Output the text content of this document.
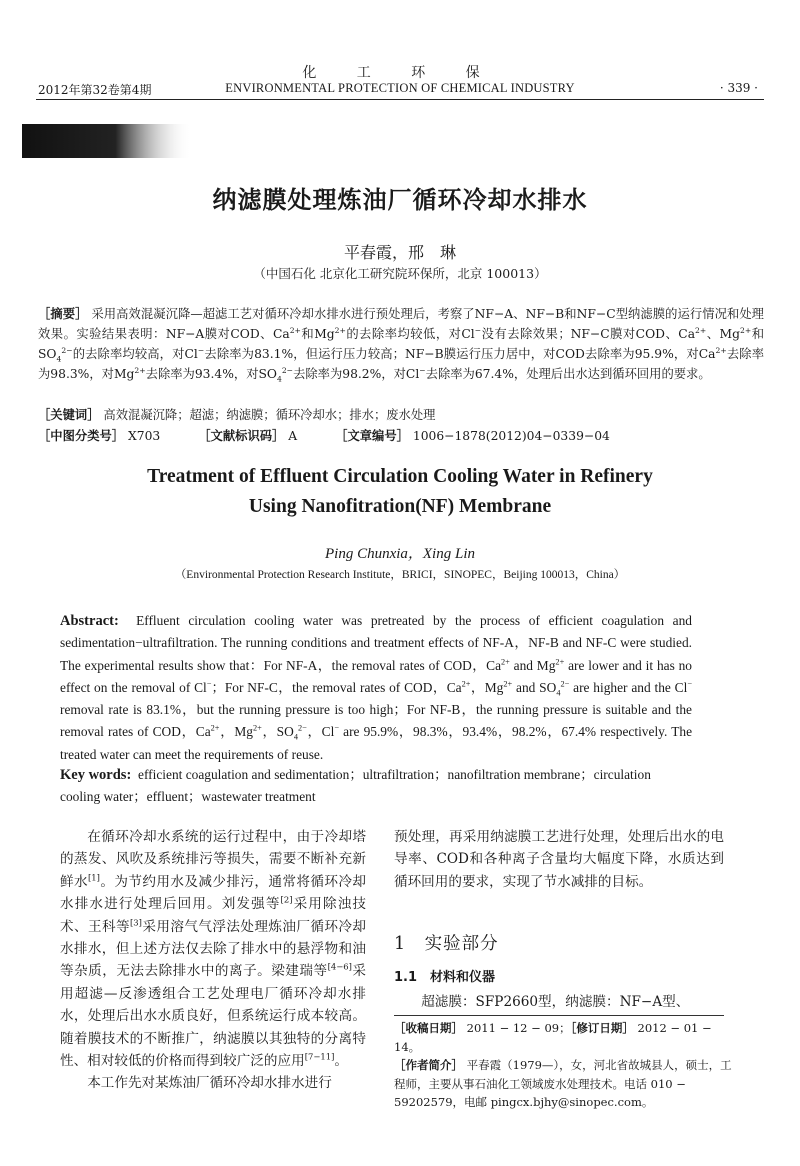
化 工 环 保
2012年第32卷第4期	ENVIRONMENTAL PROTECTION OF CHEMICAL INDUSTRY	· 339 ·
纳滤膜处理炼油厂循环冷却水排水
平春霞，邢　琳
（中国石化 北京化工研究院环保所，北京 100013）
［摘要］ 采用高效混凝沉降—超滤工艺对循环冷却水排水进行预处理后，考察了NF−A、NF−B和NF−C型纳滤膜的运行情况和处理效果。实验结果表明：NF−A膜对COD、$Ca^{2+}$和$Mg^{2+}$的去除率均较低，对Cl−没有去除效果；NF−C膜对COD、$Ca^{2+}$、$Mg^{2+}$和$SO_4^{2-}$的去除率均较高，对Cl−去除率为83.1%，但运行压力较高；NF−B膜运行压力居中，对COD去除率为95.9%，对$Ca^{2+}$去除率为98.3%，对$Mg^{2+}$去除率为93.4%，对$SO_4^{2-}$去除率为98.2%，对Cl−去除率为67.4%，处理后出水达到循环回用的要求。
［关键词］ 高效混凝沉降；超滤；纳滤膜；循环冷却水；排水；废水处理
［中图分类号］ X703	［文献标识码］ A	［文章编号］ 1006−1878(2012)04−0339−04
Treatment of Effluent Circulation Cooling Water in Refinery
Using Nanofitration(NF) Membrane
Ping Chunxia，Xing Lin
（Environmental Protection Research Institute，BRICI，SINOPEC，Beijing 100013，China）
Abstract: Effluent circulation cooling water was pretreated by the process of efficient coagulation and sedimentation−ultrafiltration. The running conditions and treatment effects of NF-A，NF-B and NF-C were studied. The experimental results show that：For NF-A，the removal rates of COD，$Ca^{2+}$ and $Mg^{2+}$ are lower and it has no effect on the removal of Cl−；For NF-C，the removal rates of COD，$Ca^{2+}$，$Mg^{2+}$ and $SO_4^{2-}$ are higher and the Cl− removal rate is 83.1%，but the running pressure is too high；For NF-B，the running pressure is suitable and the removal rates of COD，$Ca^{2+}$，$Mg^{2+}$，$SO_4^{2-}$，Cl− are 95.9%，98.3%，93.4%，98.2%，67.4% respectively. The treated water can meet the requirements of reuse.
Key words: efficient coagulation and sedimentation；ultrafiltration；nanofiltration membrane；circulation cooling water；effluent；wastewater treatment

在循环冷却水系统的运行过程中，由于冷却塔的蒸发、风吹及系统排污等损失，需要不断补充新鲜水[1]。为节约用水及减少排污，通常将循环冷却水排水进行处理后回用。刘发强等[2]采用除浊技术、王科等[3]采用溶气气浮法处理炼油厂循环冷却水排水，但上述方法仅去除了排水中的悬浮物和油等杂质，无法去除排水中的离子。梁建瑞等[4−6]采用超滤—反渗透组合工艺处理电厂循环冷却水排水，处理后出水水质良好，但系统运行成本较高。随着膜技术的不断推广，纳滤膜以其独特的分离特性、相对较低的价格而得到较广泛的应用[7−11]。

本工作先对某炼油厂循环冷却水排水进行

预处理，再采用纳滤膜工艺进行处理，处理后出水的电导率、COD和各种离子含量均大幅度下降，水质达到循环回用的要求，实现了节水减排的目标。

1　实验部分
1.1　材料和仪器
超滤膜：SFP2660型，纳滤膜：NF−A型、
［收稿日期］ 2011 − 12 − 09；［修订日期］ 2012 − 01 − 14。
［作者简介］ 平春霞（1979—），女，河北省故城县人，硕士，工程师，主要从事石油化工领域废水处理技术。电话 010 − 59202579，电邮 pingcx.bjhy@sinopec.com。
